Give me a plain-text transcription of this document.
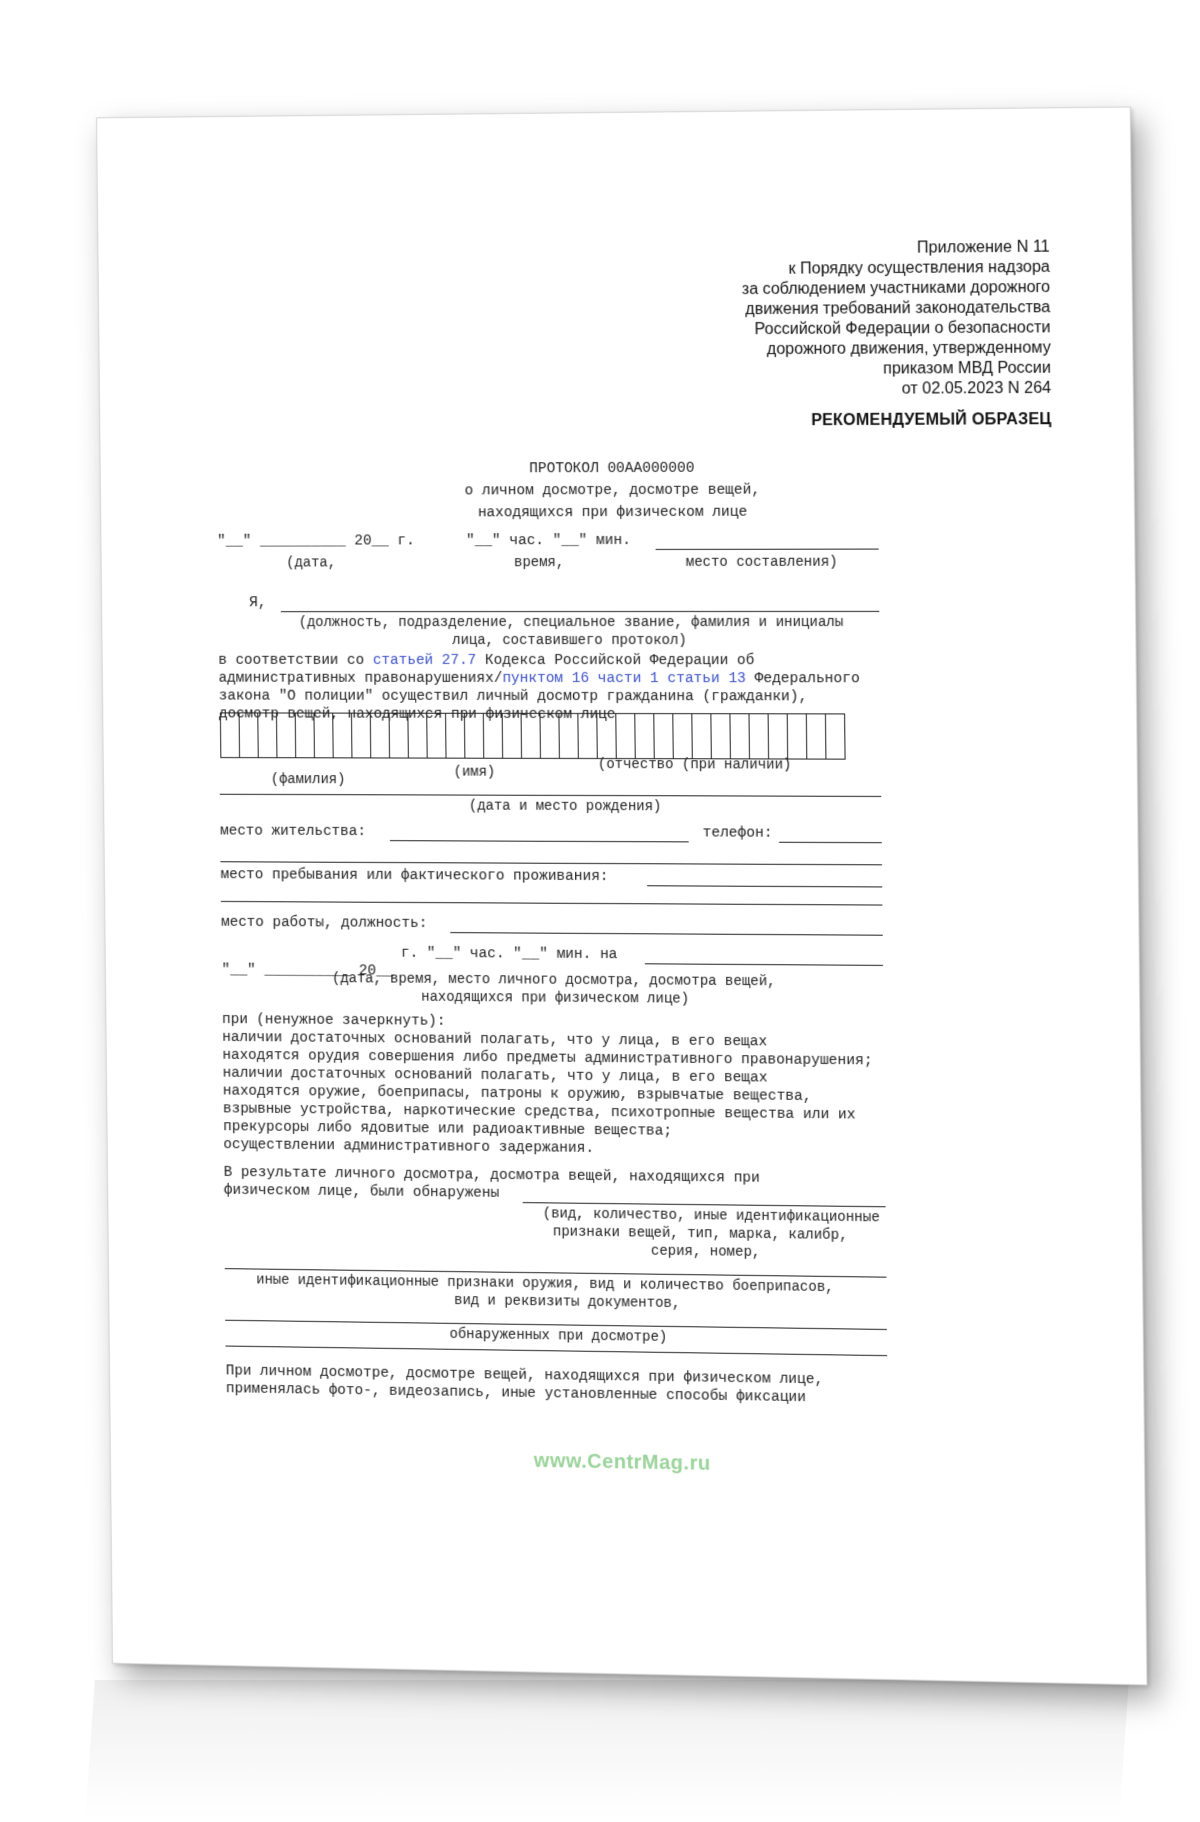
Приложение N 11
к Порядку осуществления надзора
за соблюдением участниками дорожного
движения требований законодательства
Российской Федерации о безопасности
дорожного движения, утвержденному
приказом МВД России
от 02.05.2023 N 264
РЕКОМЕНДУЕМЫЙ ОБРАЗЕЦ
ПРОТОКОЛ 00АА000000
о личном досмотре, досмотре вещей,
находящихся при физическом лице
"__" __________ 20__ г.	"__" час. "__" мин.
(дата,	время,	место составления)
Я,
(должность, подразделение, специальное звание, фамилия и инициалы
лица, составившего протокол)
в соответствии со статьей 27.7 Кодекса Российской Федерации об
административных правонарушениях/пунктом 16 части 1 статьи 13 Федерального
закона "О полиции" осуществил личный досмотр гражданина (гражданки),
досмотр вещей, находящихся при физическом лице
(фамилия)	(имя)	(отчество (при наличии)
(дата и место рождения)
место жительства:	телефон:
место пребывания или фактического проживания:
место работы, должность:
г. "__" час. "__" мин. на
"__" __________ 20__
(дата, время, место личного досмотра, досмотра вещей,
находящихся при физическом лице)
при (ненужное зачеркнуть):
наличии достаточных оснований полагать, что у лица, в его вещах
находятся орудия совершения либо предметы административного правонарушения;
наличии достаточных оснований полагать, что у лица, в его вещах
находятся оружие, боеприпасы, патроны к оружию, взрывчатые вещества,
взрывные устройства, наркотические средства, психотропные вещества или их
прекурсоры либо ядовитые или радиоактивные вещества;
осуществлении административного задержания.
В результате личного досмотра, досмотра вещей, находящихся при
физическом лице, были обнаружены
(вид, количество, иные идентификационные
признаки вещей, тип, марка, калибр,
серия, номер,
иные идентификационные признаки оружия, вид и количество боеприпасов,
вид и реквизиты документов,
обнаруженных при досмотре)
При личном досмотре, досмотре вещей, находящихся при физическом лице,
применялась фото-, видеозапись, иные установленные способы фиксации
www.CentrMag.ru
